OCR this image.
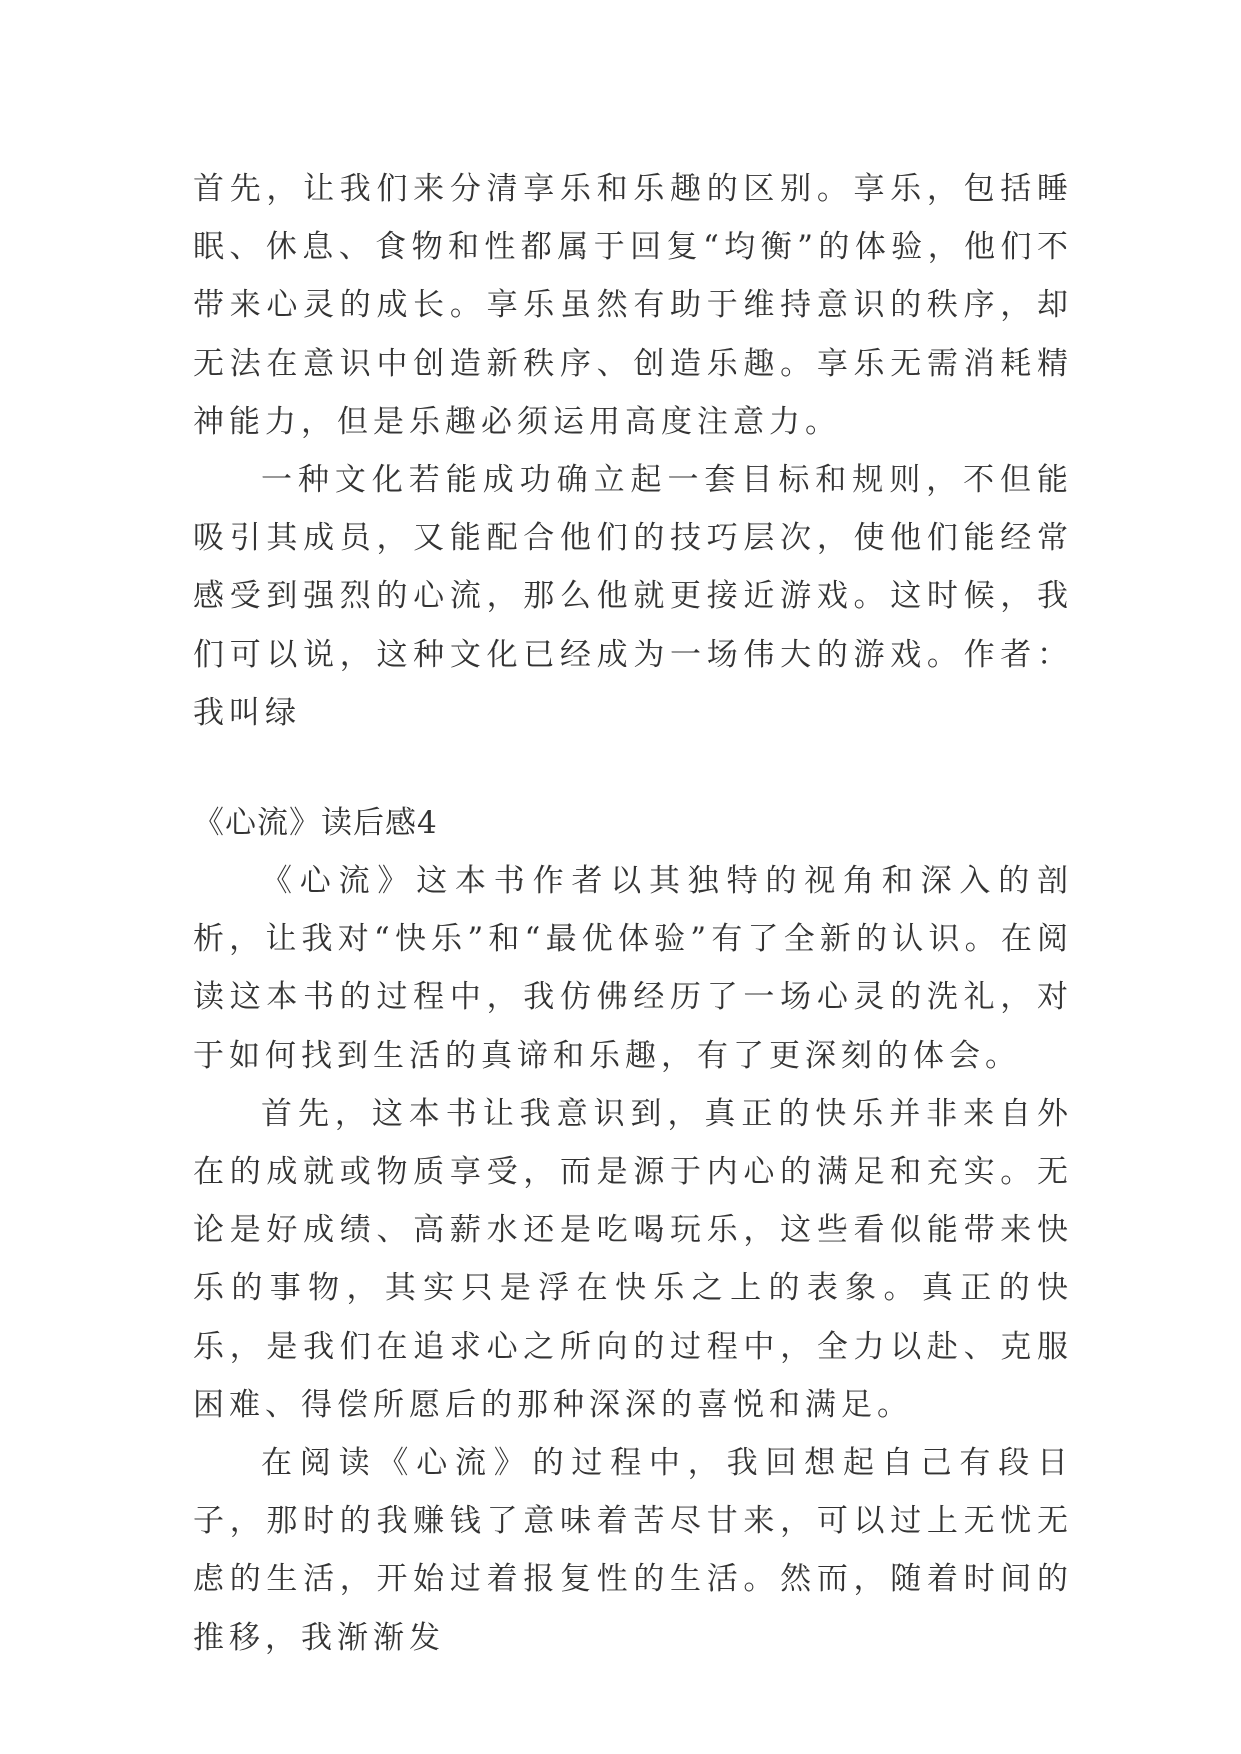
首先，让我们来分清享乐和乐趣的区别。享乐，包括睡眠、休息、食物和性都属于回复“均衡”的体验，他们不带来心灵的成长。享乐虽然有助于维持意识的秩序，却无法在意识中创造新秩序、创造乐趣。享乐无需消耗精神能力，但是乐趣必须运用高度注意力。

一种文化若能成功确立起一套目标和规则，不但能吸引其成员，又能配合他们的技巧层次，使他们能经常感受到强烈的心流，那么他就更接近游戏。这时候，我们可以说，这种文化已经成为一场伟大的游戏。作者：我叫绿

《心流》读后感4

《心流》这本书作者以其独特的视角和深入的剖析，让我对“快乐”和“最优体验”有了全新的认识。在阅读这本书的过程中，我仿佛经历了一场心灵的洗礼，对于如何找到生活的真谛和乐趣，有了更深刻的体会。

首先，这本书让我意识到，真正的快乐并非来自外在的成就或物质享受，而是源于内心的满足和充实。无论是好成绩、高薪水还是吃喝玩乐，这些看似能带来快乐的事物，其实只是浮在快乐之上的表象。真正的快乐，是我们在追求心之所向的过程中，全力以赴、克服困难、得偿所愿后的那种深深的喜悦和满足。

在阅读《心流》的过程中，我回想起自己有段日子，那时的我赚钱了意味着苦尽甘来，可以过上无忧无虑的生活，开始过着报复性的生活。然而，随着时间的推移，我渐渐发
